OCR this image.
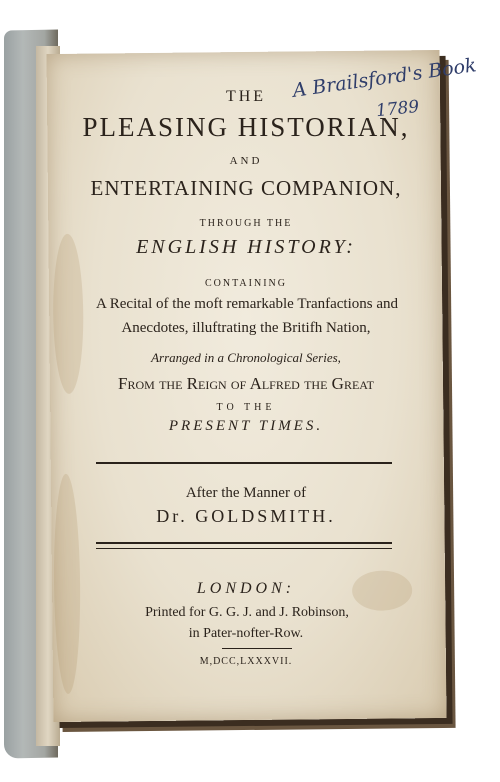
A Brailsford's Book
1789
THE
PLEASING HISTORIAN,
AND
ENTERTAINING COMPANION,
THROUGH THE
ENGLISH HISTORY:
CONTAINING
A Recital of the moft remarkable Tranfactions and
Anecdotes, illuftrating the Britifh Nation,
Arranged in a Chronological Series,
From the Reign of Alfred the Great
TO THE
PRESENT TIMES.
After the Manner of
Dr. GOLDSMITH.
LONDON:
Printed for G. G. J. and J. Robinson,
in Pater-nofter-Row.
M,DCC,LXXXVII.
